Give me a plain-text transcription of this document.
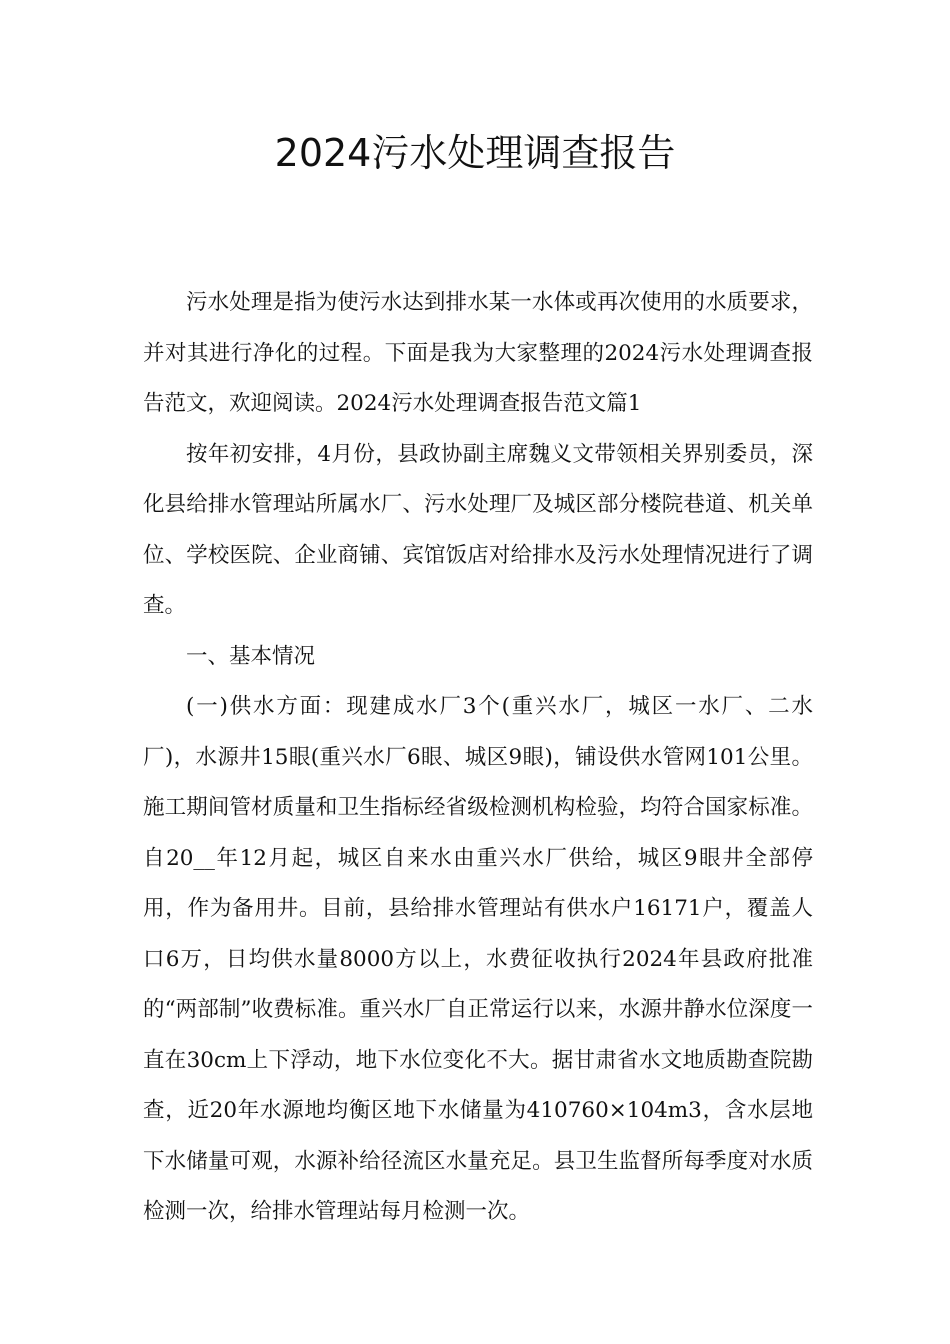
2024污水处理调查报告

污水处理是指为使污水达到排水某一水体或再次使用的水质要求，并对其进行净化的过程。下面是我为大家整理的2024污水处理调查报告范文，欢迎阅读。2024污水处理调查报告范文篇1

按年初安排，4月份，县政协副主席魏义文带领相关界别委员，深化县给排水管理站所属水厂、污水处理厂及城区部分楼院巷道、机关单位、学校医院、企业商铺、宾馆饭店对给排水及污水处理情况进行了调查。

一、基本情况

(一)供水方面：现建成水厂3个(重兴水厂，城区一水厂、二水厂)，水源井15眼(重兴水厂6眼、城区9眼)，铺设供水管网101公里。施工期间管材质量和卫生指标经省级检测机构检验，均符合国家标准。自20__年12月起，城区自来水由重兴水厂供给，城区9眼井全部停用，作为备用井。目前，县给排水管理站有供水户16171户，覆盖人口6万，日均供水量8000方以上，水费征收执行2024年县政府批准的“两部制”收费标准。重兴水厂自正常运行以来，水源井静水位深度一直在30cm上下浮动，地下水位变化不大。据甘肃省水文地质勘查院勘查，近20年水源地均衡区地下水储量为410760×104m3，含水层地下水储量可观，水源补给径流区水量充足。县卫生监督所每季度对水质检测一次，给排水管理站每月检测一次。
